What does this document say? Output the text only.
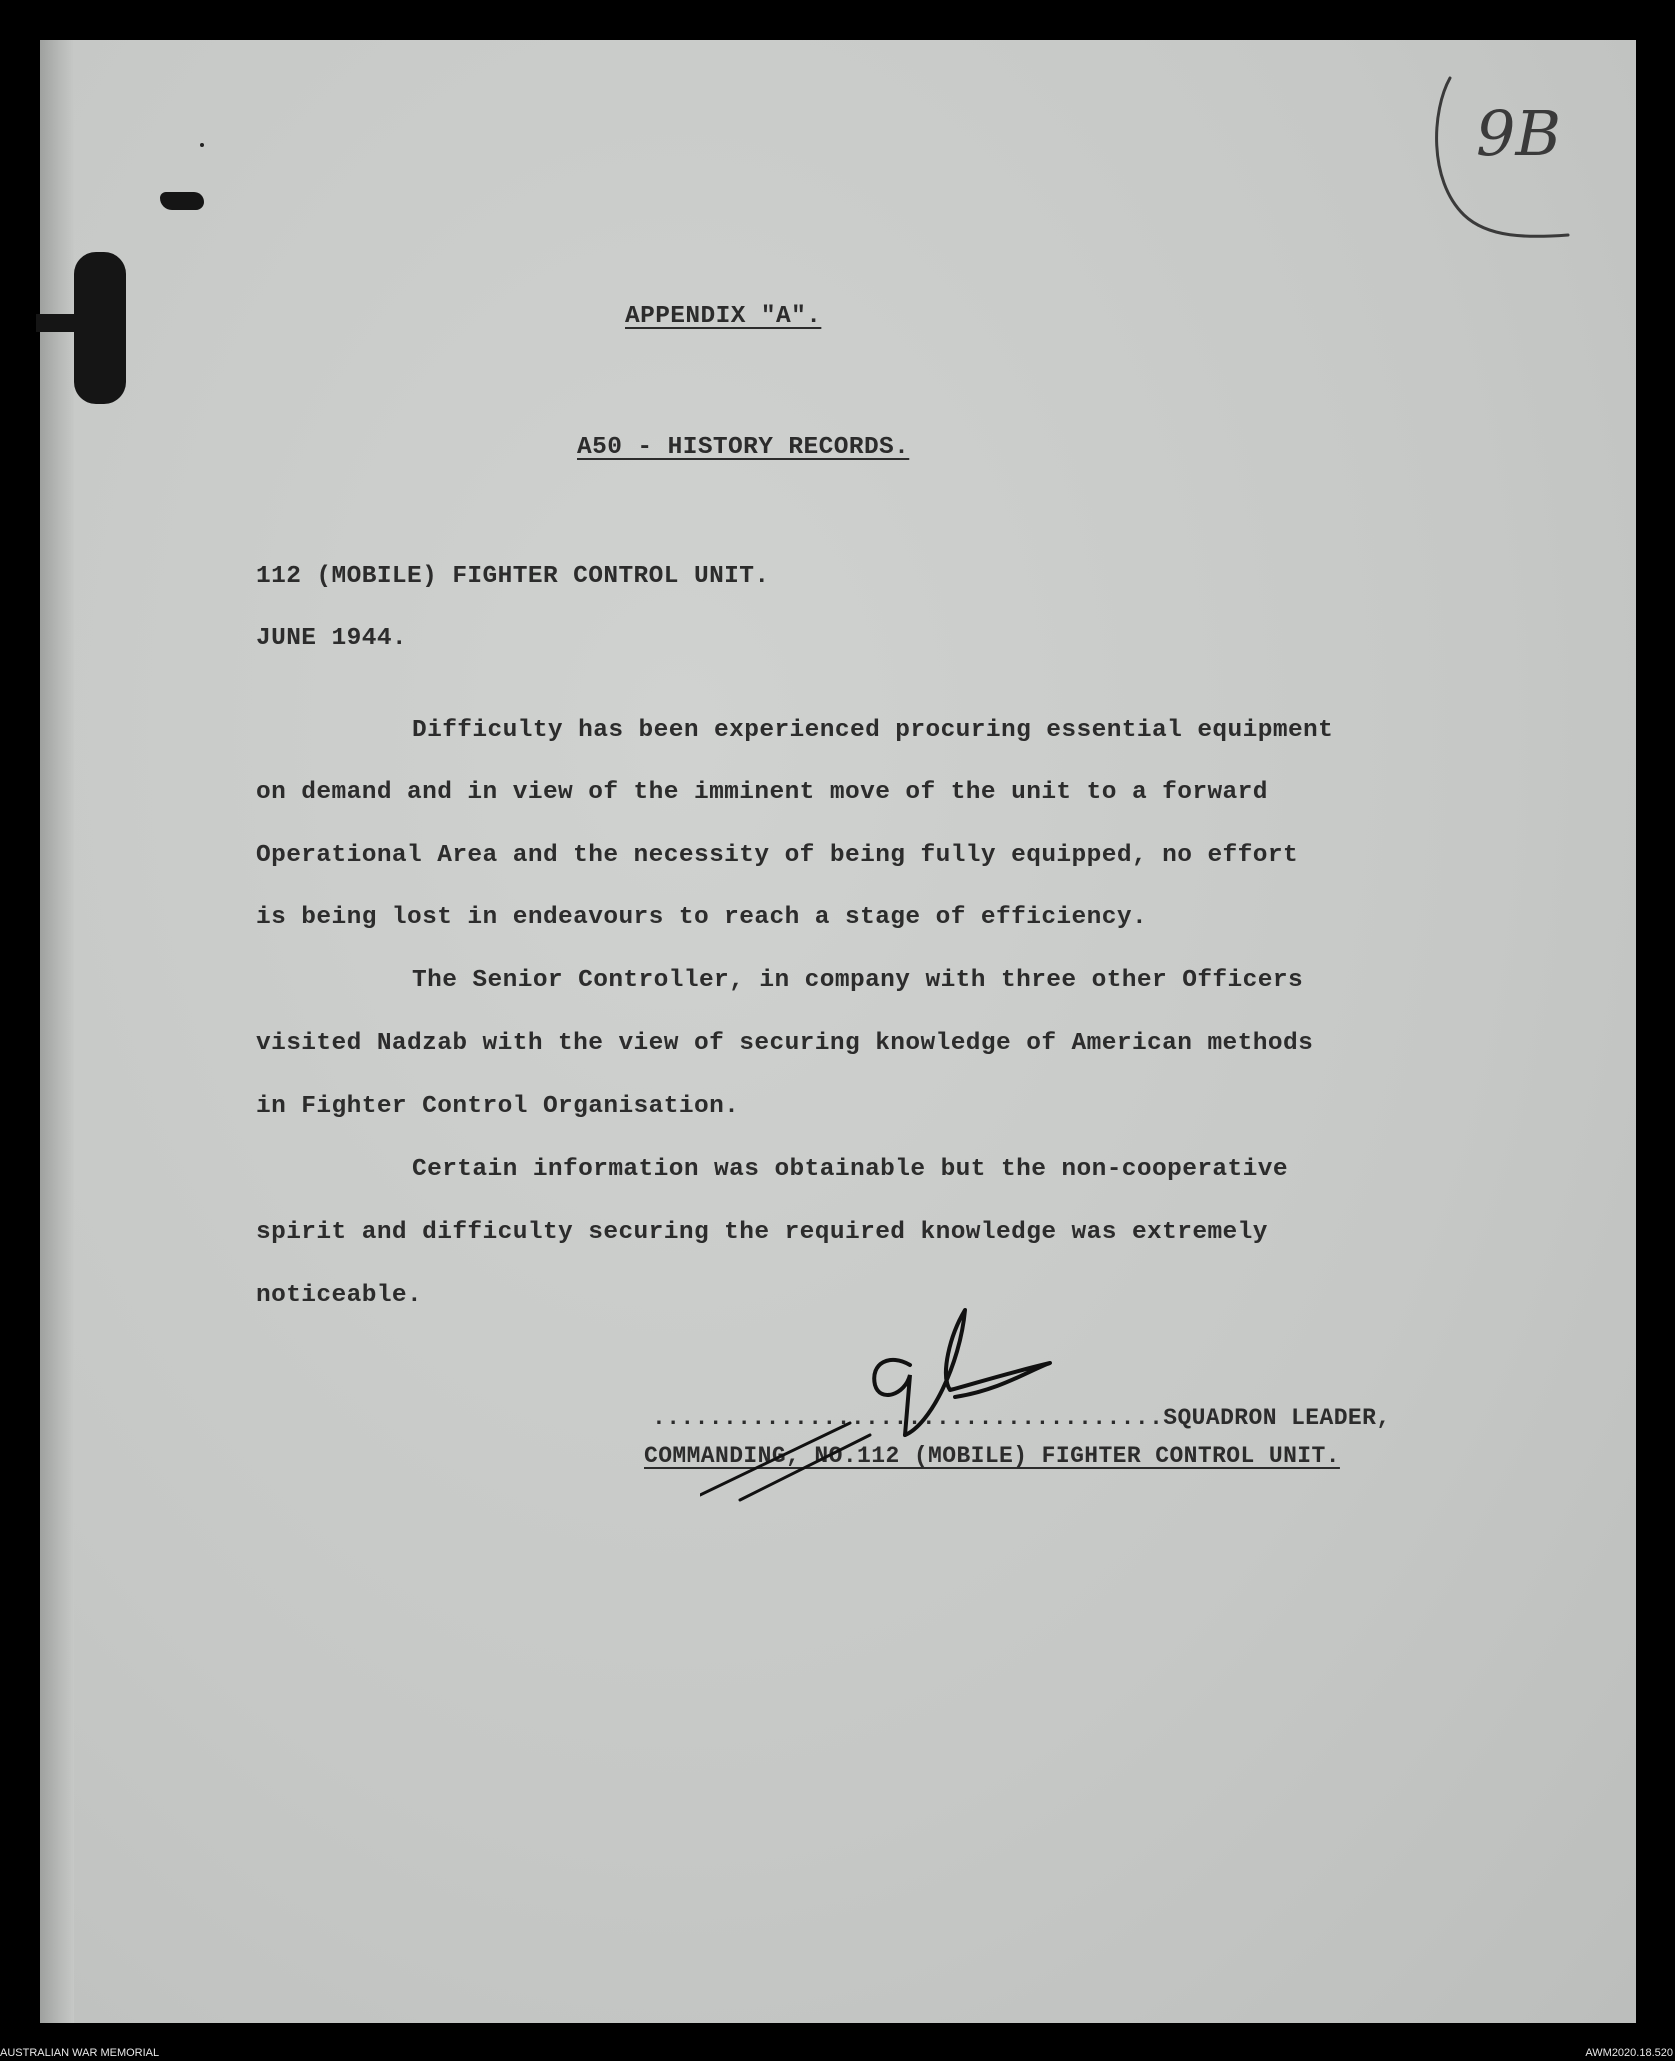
9B
APPENDIX "A".
A50 - HISTORY RECORDS.
112 (MOBILE) FIGHTER CONTROL UNIT.
JUNE 1944.
Difficulty has been experienced procuring essential equipment
on demand and in view of the imminent move of the unit to a forward
Operational Area and the necessity of being fully equipped, no effort
is being lost in endeavours to reach a stage of efficiency.
The Senior Controller, in company with three other Officers
visited Nadzab with the view of securing knowledge of American methods
in Fighter Control Organisation.
Certain information was obtainable but the non-cooperative
spirit and difficulty securing the required knowledge was extremely
noticeable.
....................................SQUADRON LEADER,
COMMANDING, NO.112 (MOBILE) FIGHTER CONTROL UNIT.
AUSTRALIAN WAR MEMORIAL	AWM2020.18.520
